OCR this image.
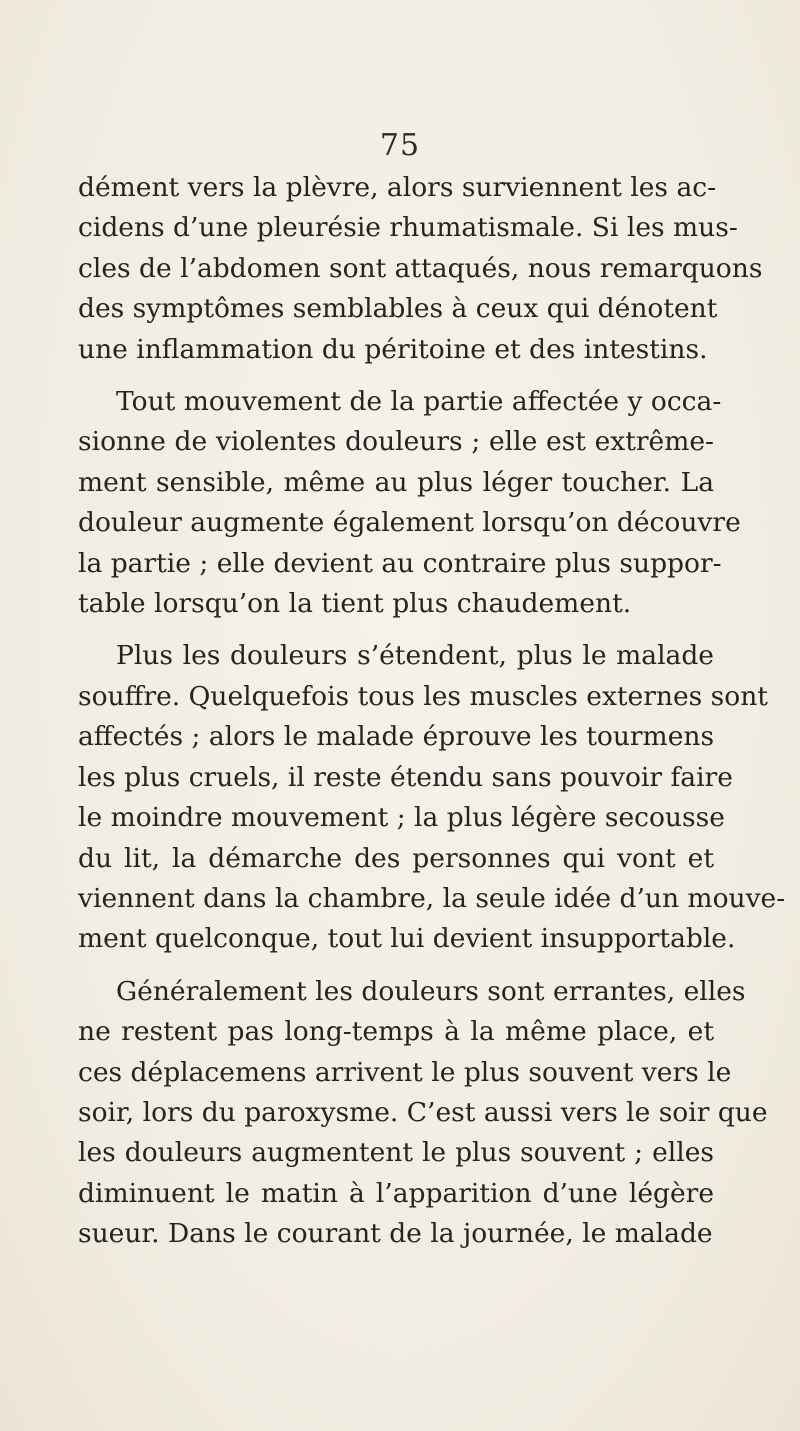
75
dément vers la plèvre, alors surviennent les ac-
cidens d’une pleurésie rhumatismale. Si les mus-
cles de l’abdomen sont attaqués, nous remarquons
des symptômes semblables à ceux qui dénotent
une inflammation du péritoine et des intestins.
Tout mouvement de la partie affectée y occa-
sionne de violentes douleurs ; elle est extrême-
ment sensible, même au plus léger toucher. La
douleur augmente également lorsqu’on découvre
la partie ; elle devient au contraire plus suppor-
table lorsqu’on la tient plus chaudement.
Plus les douleurs s’étendent, plus le malade
souffre. Quelquefois tous les muscles externes sont
affectés ; alors le malade éprouve les tourmens
les plus cruels, il reste étendu sans pouvoir faire
le moindre mouvement ; la plus légère secousse
du lit, la démarche des personnes qui vont et
viennent dans la chambre, la seule idée d’un mouve-
ment quelconque, tout lui devient insupportable.
Généralement les douleurs sont errantes, elles
ne restent pas long-temps à la même place, et
ces déplacemens arrivent le plus souvent vers le
soir, lors du paroxysme. C’est aussi vers le soir que
les douleurs augmentent le plus souvent ; elles
diminuent le matin à l’apparition d’une légère
sueur. Dans le courant de la journée, le malade
